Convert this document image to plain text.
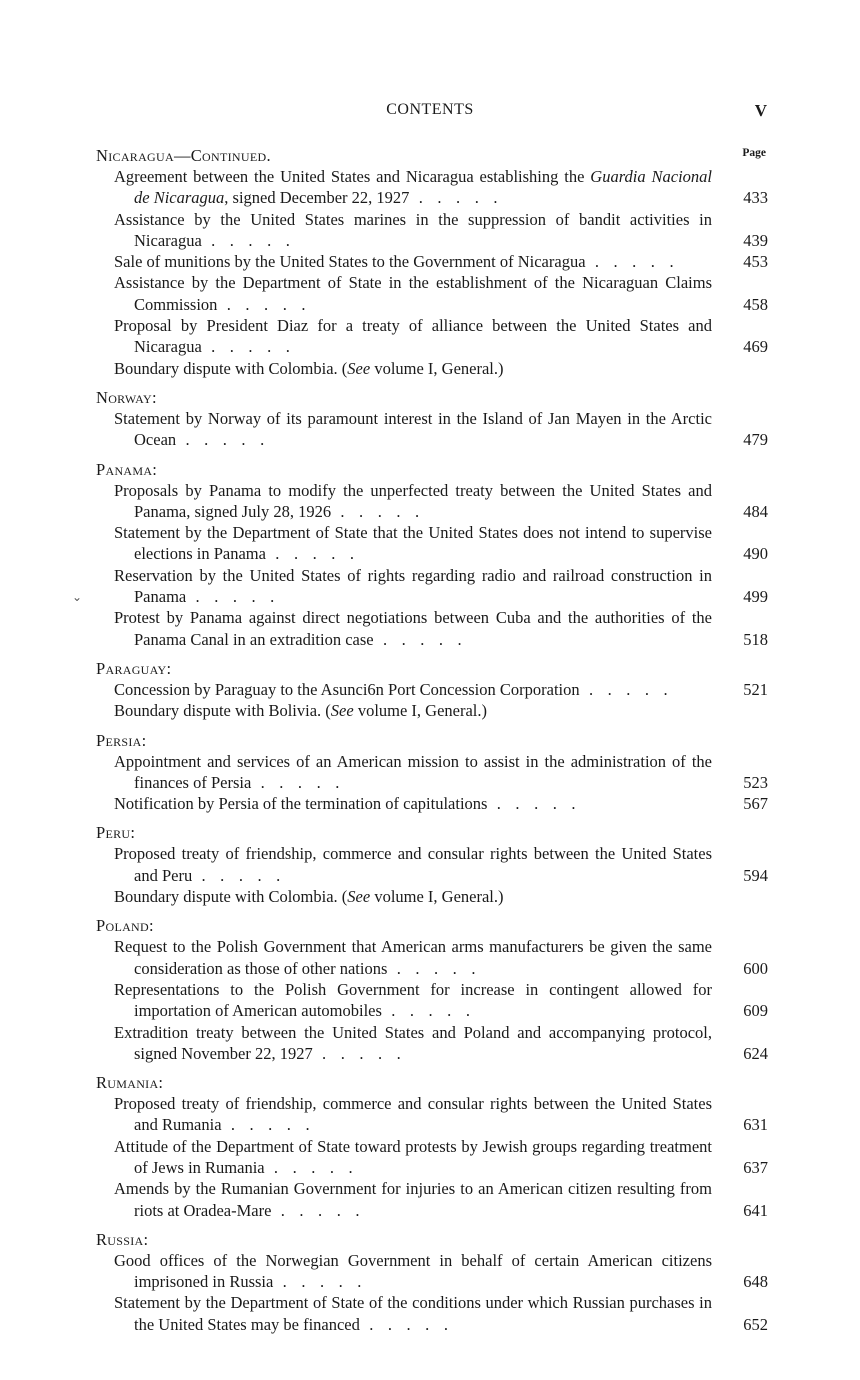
CONTENTS	V
⌄
Page
Nicaragua—Continued.
Agreement between the United States and Nicaragua establishing the Guardia Nacional de Nicaragua, signed December 22, 1927 . . . . .	433
Assistance by the United States marines in the suppression of bandit activities in Nicaragua . . . . .	439
Sale of munitions by the United States to the Government of Nicaragua . . . . .	453
Assistance by the Department of State in the establishment of the Nicaraguan Claims Commission . . . . .	458
Proposal by President Diaz for a treaty of alliance between the United States and Nicaragua . . . . .	469
Boundary dispute with Colombia. (See volume I, General.)
Norway:
Statement by Norway of its paramount interest in the Island of Jan Mayen in the Arctic Ocean . . . . .	479
Panama:
Proposals by Panama to modify the unperfected treaty between the United States and Panama, signed July 28, 1926 . . . . .	484
Statement by the Department of State that the United States does not intend to supervise elections in Panama . . . . .	490
Reservation by the United States of rights regarding radio and railroad construction in Panama . . . . .	499
Protest by Panama against direct negotiations between Cuba and the authorities of the Panama Canal in an extradition case . . . . .	518
Paraguay:
Concession by Paraguay to the Asunci6n Port Concession Corporation . . . . .	521
Boundary dispute with Bolivia. (See volume I, General.)
Persia:
Appointment and services of an American mission to assist in the administration of the finances of Persia . . . . .	523
Notification by Persia of the termination of capitulations . . . . .	567
Peru:
Proposed treaty of friendship, commerce and consular rights between the United States and Peru . . . . .	594
Boundary dispute with Colombia. (See volume I, General.)
Poland:
Request to the Polish Government that American arms manufacturers be given the same consideration as those of other nations . . . . .	600
Representations to the Polish Government for increase in contingent allowed for importation of American automobiles . . . . .	609
Extradition treaty between the United States and Poland and accompanying protocol, signed November 22, 1927 . . . . .	624
Rumania:
Proposed treaty of friendship, commerce and consular rights between the United States and Rumania . . . . .	631
Attitude of the Department of State toward protests by Jewish groups regarding treatment of Jews in Rumania . . . . .	637
Amends by the Rumanian Government for injuries to an American citizen resulting from riots at Oradea-Mare . . . . .	641
Russia:
Good offices of the Norwegian Government in behalf of certain American citizens imprisoned in Russia . . . . .	648
Statement by the Department of State of the conditions under which Russian purchases in the United States may be financed . . . . .	652
